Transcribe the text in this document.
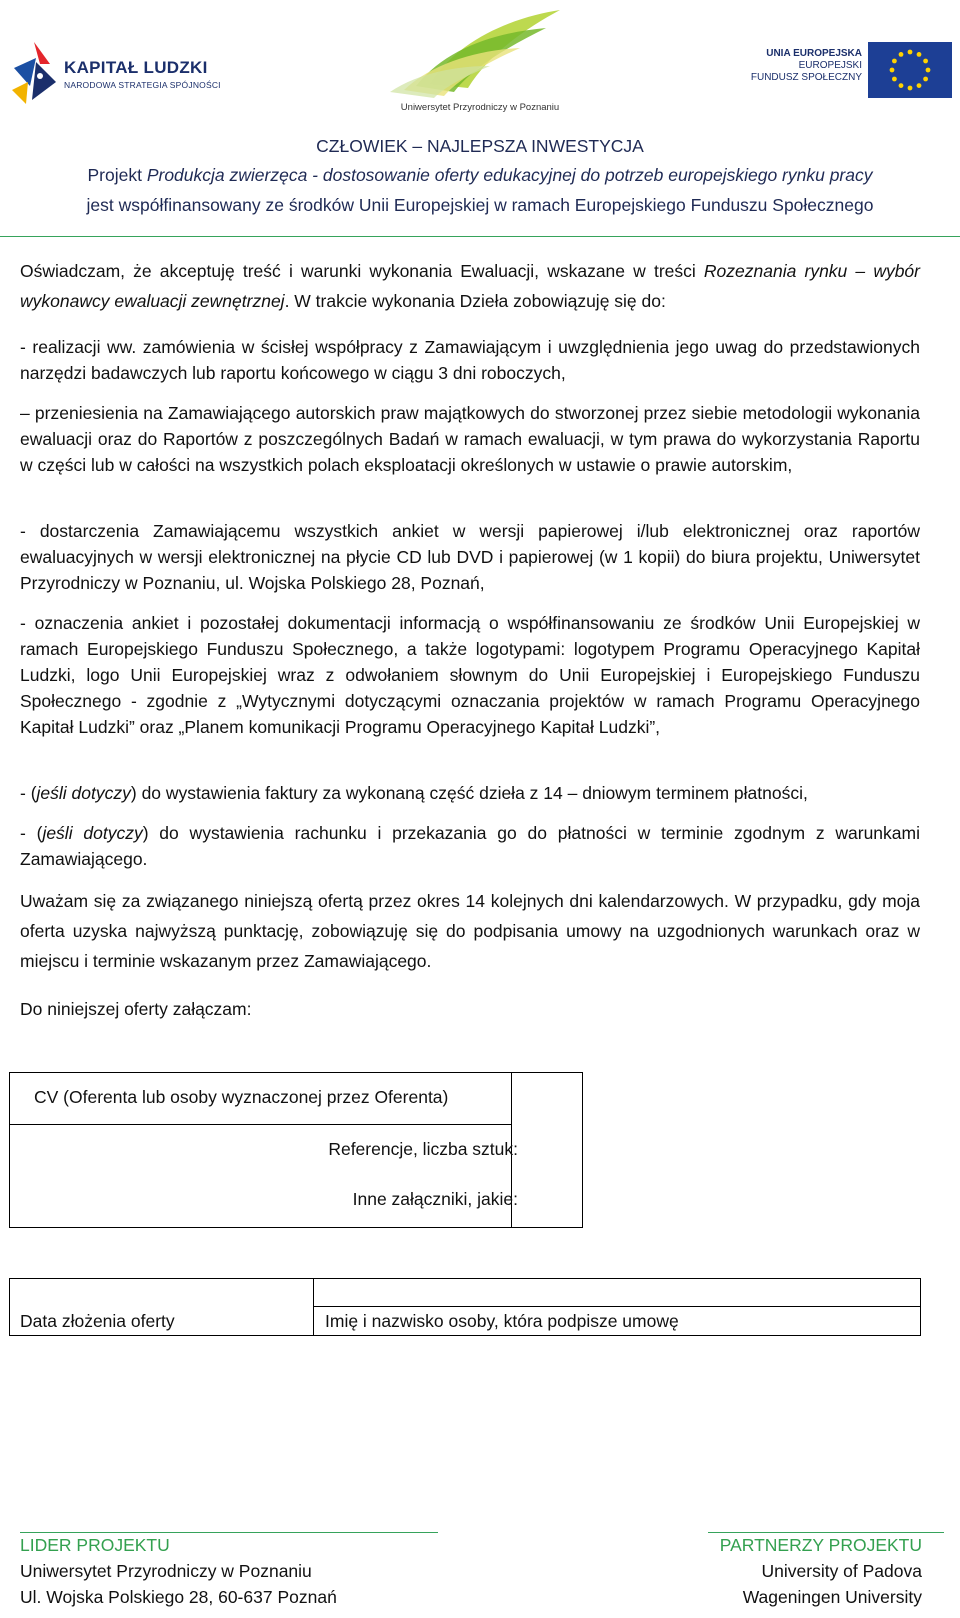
KAPITAŁ LUDZKI
NARODOWA STRATEGIA SPÓJNOŚCI
Uniwersytet Przyrodniczy w Poznaniu
UNIA EUROPEJSKA
EUROPEJSKI
FUNDUSZ SPOŁECZNY
CZŁOWIEK – NAJLEPSZA INWESTYCJA
Projekt Produkcja zwierzęca - dostosowanie oferty edukacyjnej do potrzeb europejskiego rynku pracy
jest współfinansowany ze środków Unii Europejskiej w ramach Europejskiego Funduszu Społecznego
Oświadczam, że akceptuję treść i warunki wykonania Ewaluacji, wskazane w treści Rozeznania rynku – wybór wykonawcy ewaluacji zewnętrznej. W trakcie wykonania Dzieła zobowiązuję się do:
- realizacji ww. zamówienia w ścisłej współpracy z Zamawiającym i uwzględnienia jego uwag do przedstawionych narzędzi badawczych lub raportu końcowego w ciągu 3 dni roboczych,
– przeniesienia na Zamawiającego autorskich praw majątkowych do stworzonej przez siebie metodologii wykonania ewaluacji oraz do Raportów z poszczególnych Badań w ramach ewaluacji, w tym prawa do wykorzystania Raportu w części lub w całości na wszystkich polach eksploatacji określonych w ustawie o prawie autorskim,
- dostarczenia Zamawiającemu wszystkich ankiet w wersji papierowej i/lub elektronicznej oraz raportów ewaluacyjnych w wersji elektronicznej na płycie CD lub DVD i papierowej (w 1 kopii) do biura projektu, Uniwersytet Przyrodniczy w Poznaniu, ul. Wojska Polskiego 28, Poznań,
- oznaczenia ankiet i pozostałej dokumentacji informacją o współfinansowaniu ze środków Unii Europejskiej w ramach Europejskiego Funduszu Społecznego, a także logotypami: logotypem Programu Operacyjnego Kapitał Ludzki, logo Unii Europejskiej wraz z odwołaniem słownym do Unii Europejskiej i Europejskiego Funduszu Społecznego - zgodnie z „Wytycznymi dotyczącymi oznaczania projektów w ramach Programu Operacyjnego Kapitał Ludzki” oraz „Planem komunikacji Programu Operacyjnego Kapitał Ludzki”,
- (jeśli dotyczy) do wystawienia faktury za wykonaną część dzieła z 14 – dniowym terminem płatności,
- (jeśli dotyczy) do wystawienia rachunku i przekazania go do płatności w terminie zgodnym z warunkami Zamawiającego.
Uważam się za związanego niniejszą ofertą przez okres 14 kolejnych dni kalendarzowych. W przypadku, gdy moja oferta uzyska najwyższą punktację, zobowiązuję się do podpisania umowy na uzgodnionych warunkach oraz w miejscu i terminie wskazanym przez Zamawiającego.
Do niniejszej oferty załączam:
CV (Oferenta lub osoby wyznaczonej przez Oferenta)
Referencje, liczba sztuk:
Inne załączniki, jakie:
Data złożenia oferty	Imię i nazwisko osoby, która podpisze umowę
LIDER PROJEKTU
Uniwersytet Przyrodniczy w Poznaniu
Ul. Wojska Polskiego 28, 60-637 Poznań
PARTNERZY PROJEKTU
University of Padova
Wageningen University
